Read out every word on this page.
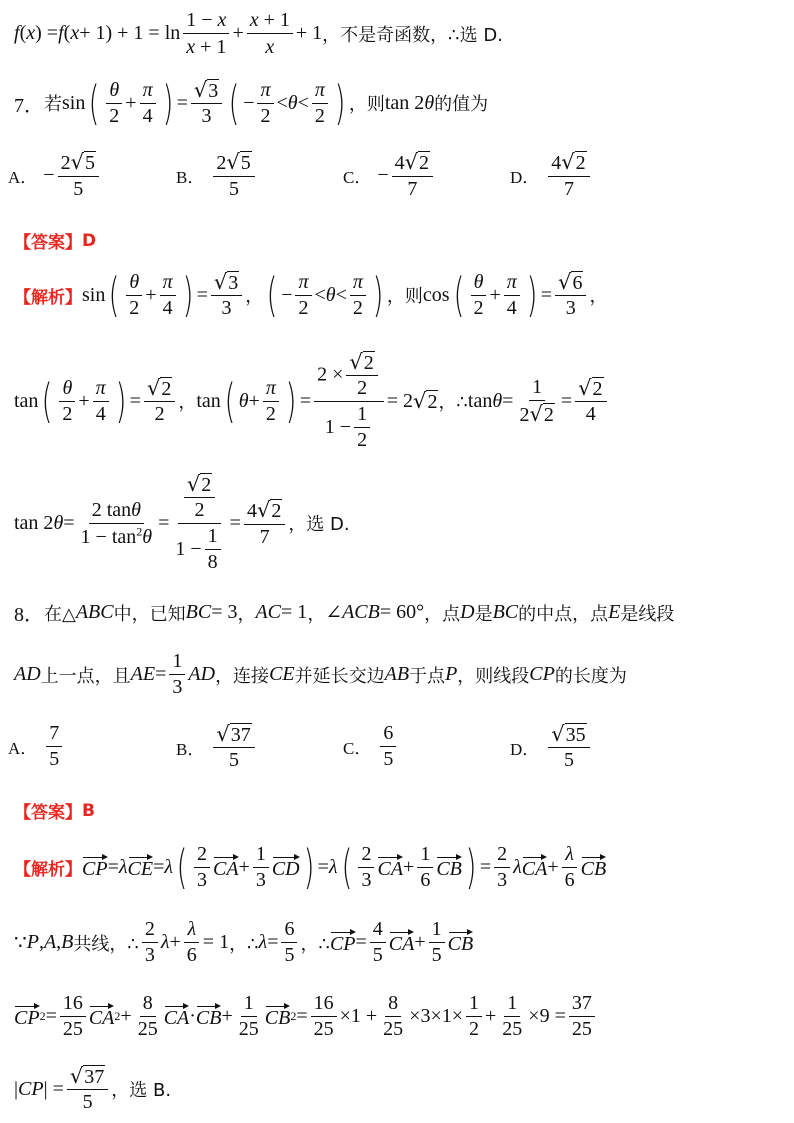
f ( x ) = f ( $x + 1) + 1 = \ln \frac{1 - x}{x + 1} + \frac{x + 1}{x} + 1$ ，不是奇函数，∴选 D.
7． 若 sin ( $\frac{\theta}{2} + \frac{\pi}{4}$ ) = $\frac{√ 3}{3}$ ( − $\frac{\pi}{2} < \theta < \frac{\pi}{2}$ ) ，则 tan 2 θ 的值为
A． − $\frac{2 √ 5}{5}$	B． $\frac{2 √ 5}{5}$	C． − $\frac{4 √ 2}{7}$	D． $\frac{4 √ 2}{7}$
【答案】 D
【解析】 sin ( $\frac{\theta}{2} + \frac{\pi}{4}$ ) = $\frac{√ 3}{3}$ ， ( − $\frac{\pi}{2} < \theta < \frac{\pi}{2}$ ) ，则 cos ( $\frac{\theta}{2} + \frac{\pi}{4}$ ) = $\frac{√ 6}{3}$ ，
tan ( $\frac{\theta}{2} + \frac{\pi}{4}$ ) = $\frac{√ 2}{2}$ ， tan ( $\theta + \frac{\pi}{2}$ ) = $\frac{2 \times \frac{√ 2}{2}}{1 - \frac{1}{2}} = 2$ √ 2 ，∴ $\tan \theta = \frac{1}{2 √ 2} = \frac{√ 2}{4}$
tan 2 $\theta = \frac{2 \tan\theta}{1 - \tan^2\theta} = \frac{\frac{√ 2}{2}}{1 - \frac{1}{8}} = \frac{4 √ 2}{7}$ ，选 D.
8． 在△ ABC 中，已知 BC = 3 ， AC = 1 ， ∠ ACB = 60° ，点 D 是 BC 的中点，点 E 是线段
AD 上一点，且 AE = $\frac{1}{3}$ AD ，连接 CE 并延长交边 AB 于点 P ，则线段 CP 的长度为
A． $\frac{7}{5}$	B． $\frac{√ 37}{5}$	C． $\frac{6}{5}$	D． $\frac{√ 35}{5}$
【答案】 B
【解析】 CP = λ CE = λ ( $\frac{2}{3}$ CA + $\frac{1}{3}$ CD ) = λ ( $\frac{2}{3}$ CA + $\frac{1}{6}$ CB ) = $\frac{2}{3}$ λ CA + $\frac{\lambda}{6}$ CB
∵ P , A , B 共线，∴ $\frac{2}{3}$ $\lambda + \frac{\lambda}{6} = 1$ ，∴ $\lambda = \frac{6}{5}$ ，∴ CP = $\frac{4}{5}$ CA + $\frac{1}{5}$ CB
CP $2 = \frac{16}{25}$ CA $2 + \frac{8}{25}$ CA · CB + $\frac{1}{25}$ CB $2 = \frac{16}{25} \times 1 + \frac{8}{25} \times 3\times 1\times \frac{1}{2} + \frac{1}{25} \times 9 = \frac{37}{25}$
| CP | = $\frac{√ 37}{5}$ ，选 B.
